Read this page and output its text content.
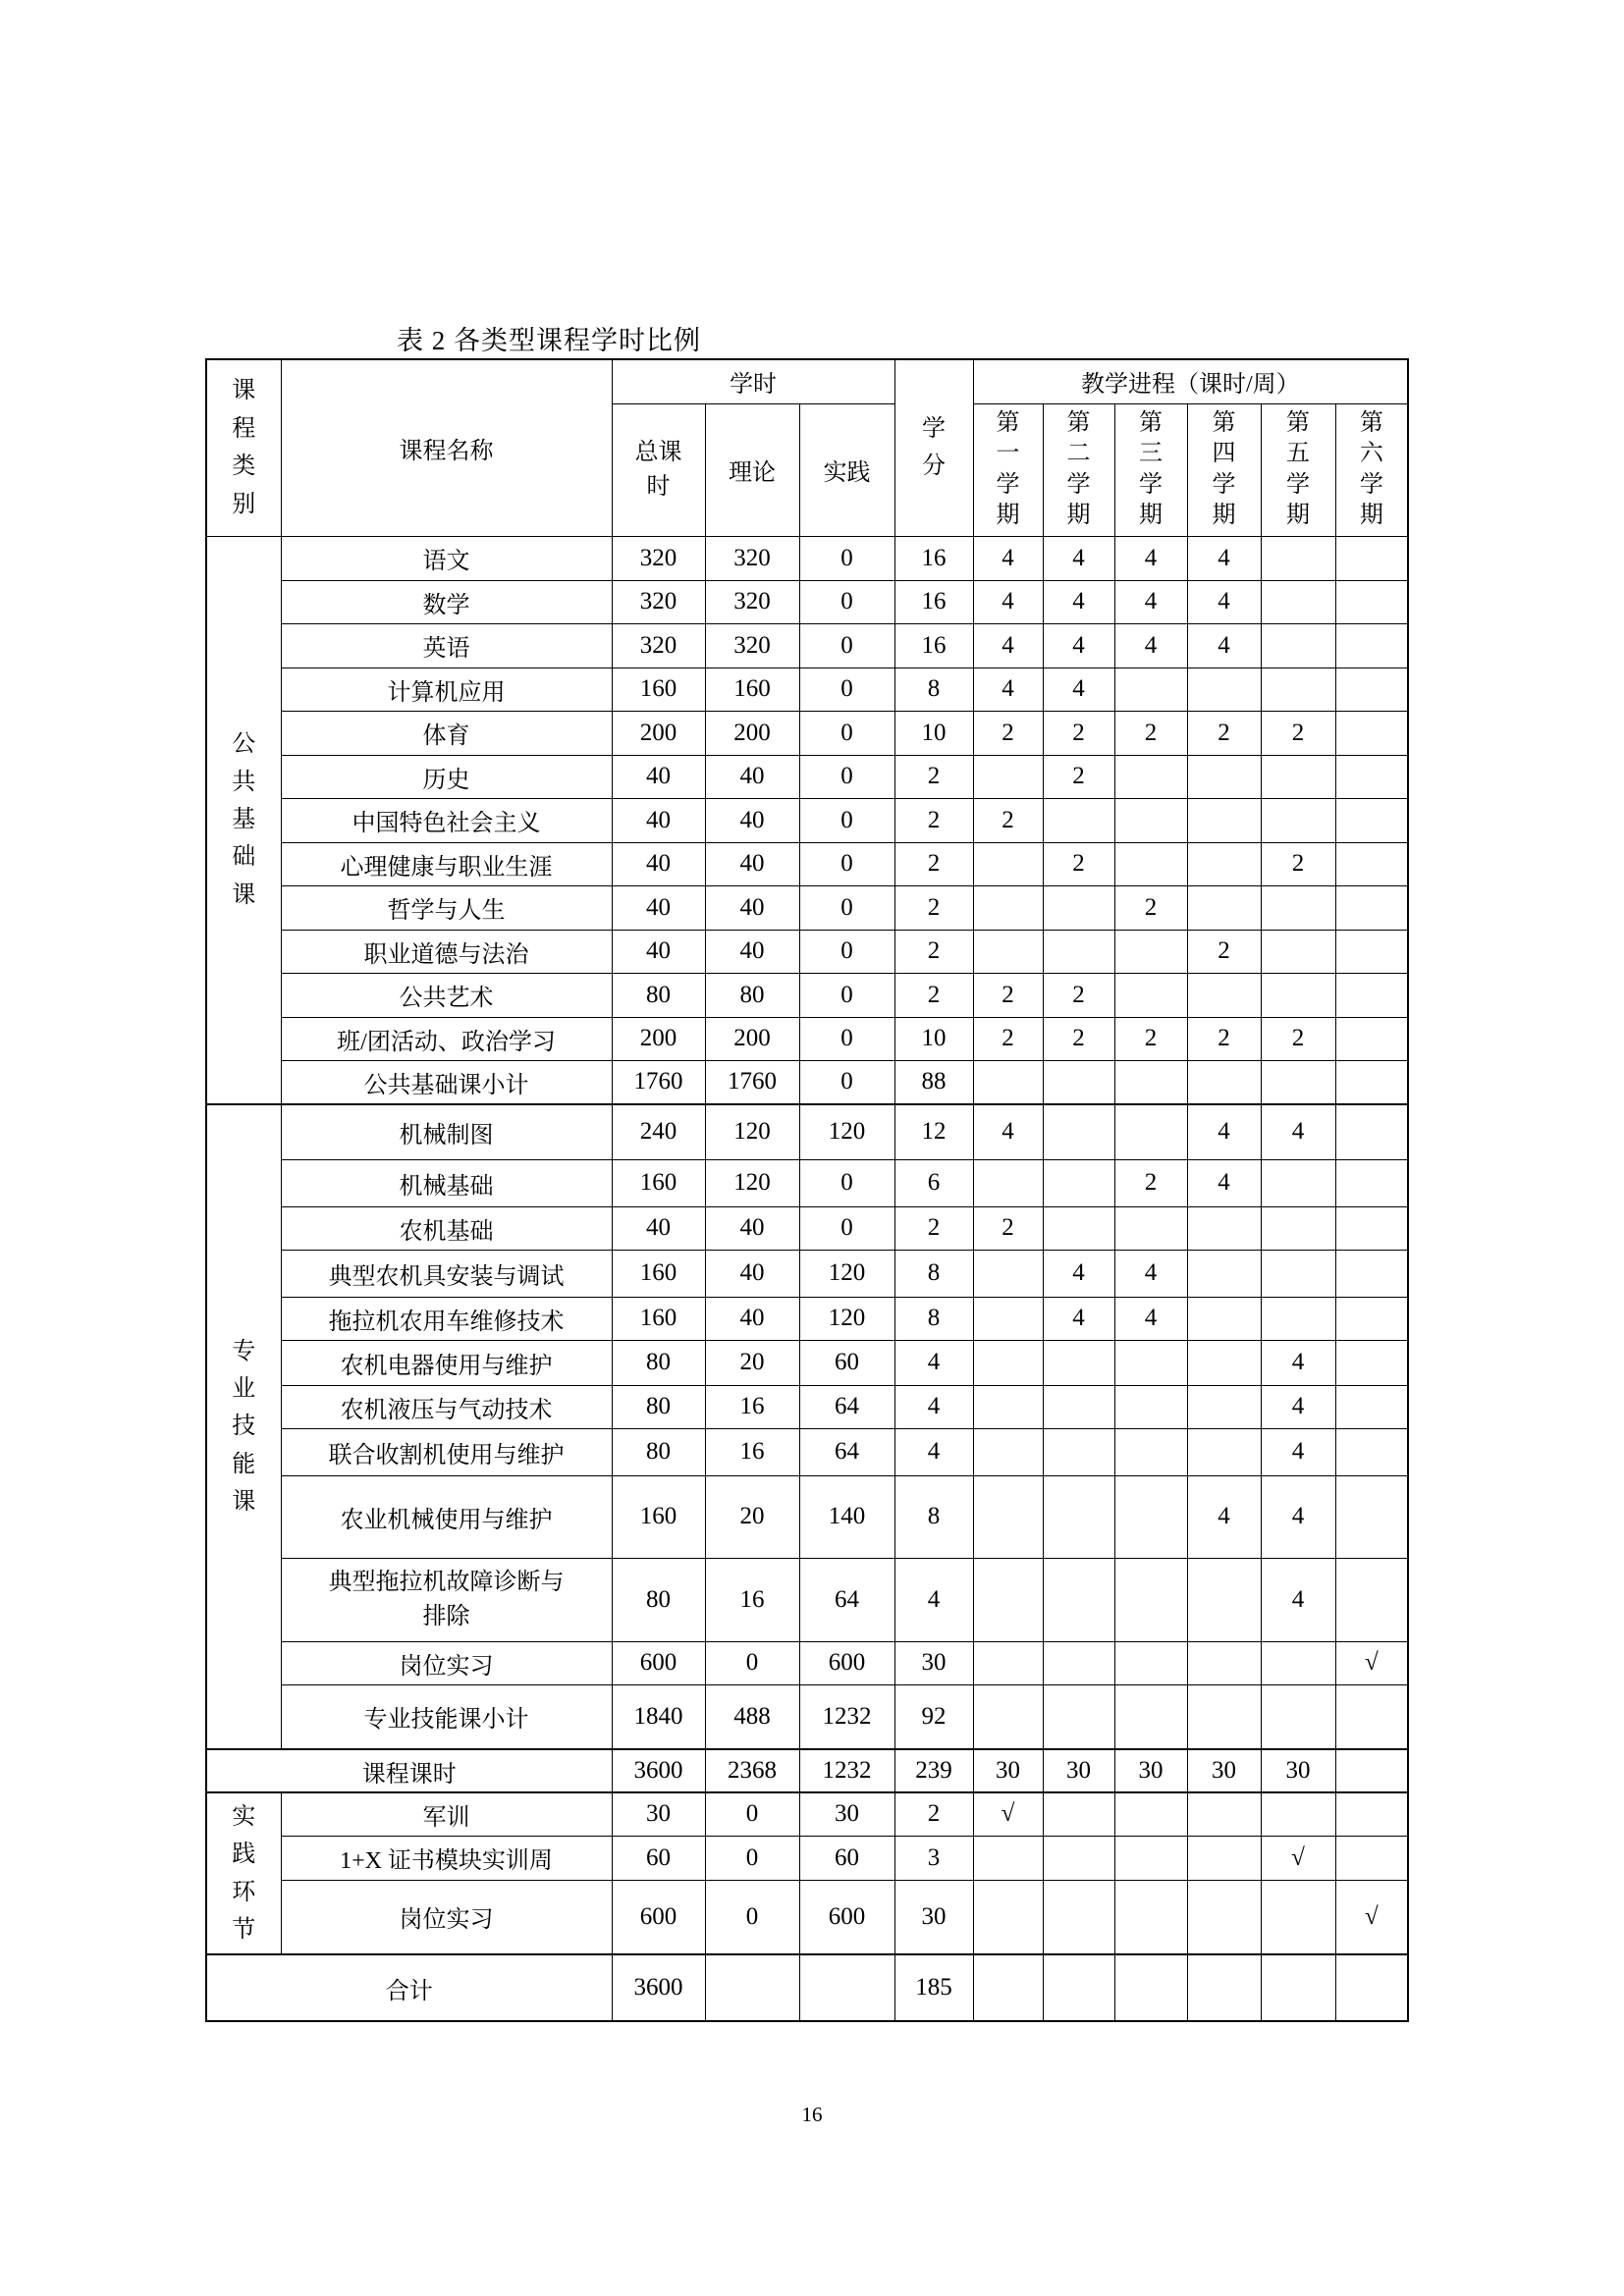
表 2 各类型课程学时比例
课程类别	课程名称	学时			学分	教学进程（课时/周）					
		总课时	理论	实践		第一学期	第二学期	第三学期	第四学期	第五学期	第六学期
公共基础课	语文	320	320	0	16	4	4	4	4		
	数学	320	320	0	16	4	4	4	4		
	英语	320	320	0	16	4	4	4	4		
	计算机应用	160	160	0	8	4	4				
	体育	200	200	0	10	2	2	2	2	2	
	历史	40	40	0	2		2				
	中国特色社会主义	40	40	0	2	2					
	心理健康与职业生涯	40	40	0	2		2			2	
	哲学与人生	40	40	0	2			2			
	职业道德与法治	40	40	0	2				2		
	公共艺术	80	80	0	2	2	2				
	班/团活动、政治学习	200	200	0	10	2	2	2	2	2	
	公共基础课小计	1760	1760	0	88						
专业技能课	机械制图	240	120	120	12	4			4	4	
	机械基础	160	120	0	6			2	4		
	农机基础	40	40	0	2	2					
	典型农机具安装与调试	160	40	120	8		4	4			
	拖拉机农用车维修技术	160	40	120	8		4	4			
	农机电器使用与维护	80	20	60	4					4	
	农机液压与气动技术	80	16	64	4					4	
	联合收割机使用与维护	80	16	64	4					4	
	农业机械使用与维护	160	20	140	8				4	4	
	典型拖拉机故障诊断与排除	80	16	64	4					4	
	岗位实习	600	0	600	30						√
	专业技能课小计	1840	488	1232	92						
课程课时		3600	2368	1232	239	30	30	30	30	30	
实践环节	军训	30	0	30	2	√					
	1+X 证书模块实训周	60	0	60	3					√	
	岗位实习	600	0	600	30						√
合计		3600			185						
16
